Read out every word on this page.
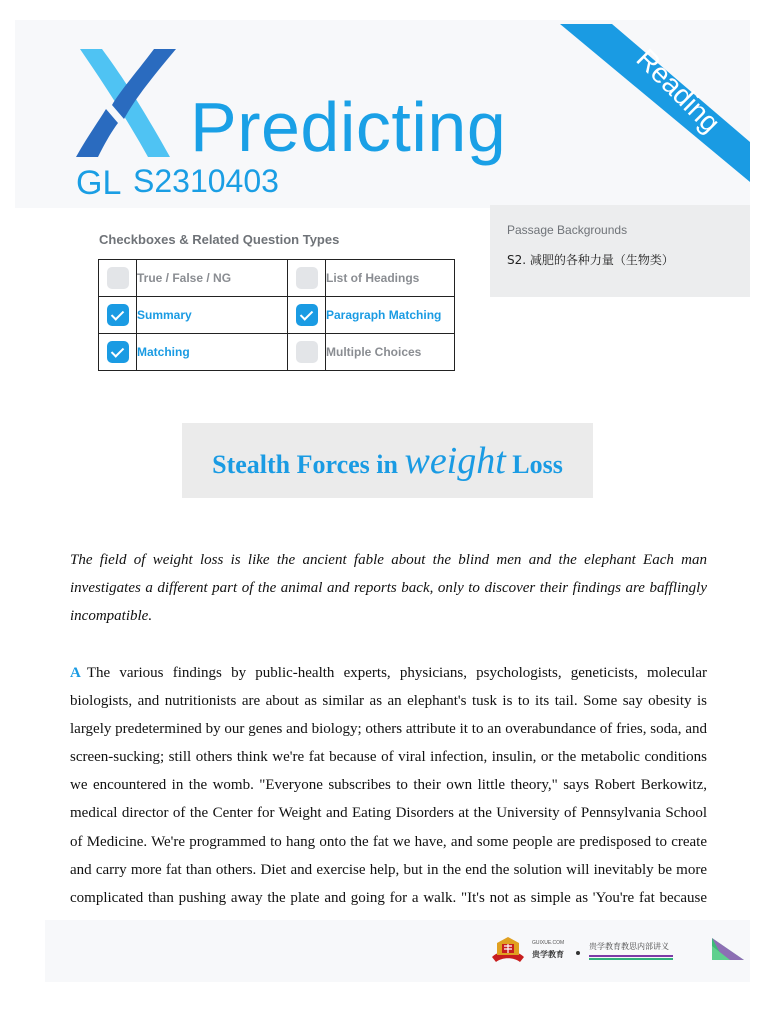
Predicting
GL S2310403
Reading
Checkboxes & Related Question Types
	True / False / NG		List of Headings
	Summary		Paragraph Matching
	Matching		Multiple Choices
Passage Backgrounds
S2. 减肥的各种力量（生物类）
Stealth Forces in weight Loss
The field of weight loss is like the ancient fable about the blind men and the elephant Each man
investigates a different part of the animal and reports back, only to discover their findings are bafflingly
incompatible.
A The various findings by public-health experts, physicians, psychologists, geneticists, molecular
biologists, and nutritionists are about as similar as an elephant's tusk is to its tail. Some say obesity is
largely predetermined by our genes and biology; others attribute it to an overabundance of fries, soda, and
screen-sucking; still others think we're fat because of viral infection, insulin, or the metabolic conditions
we encountered in the womb. "Everyone subscribes to their own little theory," says Robert Berkowitz,
medical director of the Center for Weight and Eating Disorders at the University of Pennsylvania School
of Medicine. We're programmed to hang onto the fat we have, and some people are predisposed to create
and carry more fat than others. Diet and exercise help, but in the end the solution will inevitably be more
complicated than pushing away the plate and going for a walk. "It's not as simple as 'You're fat because
GUIXUE.COM
贵学教育
贵学教育教思内部讲义
